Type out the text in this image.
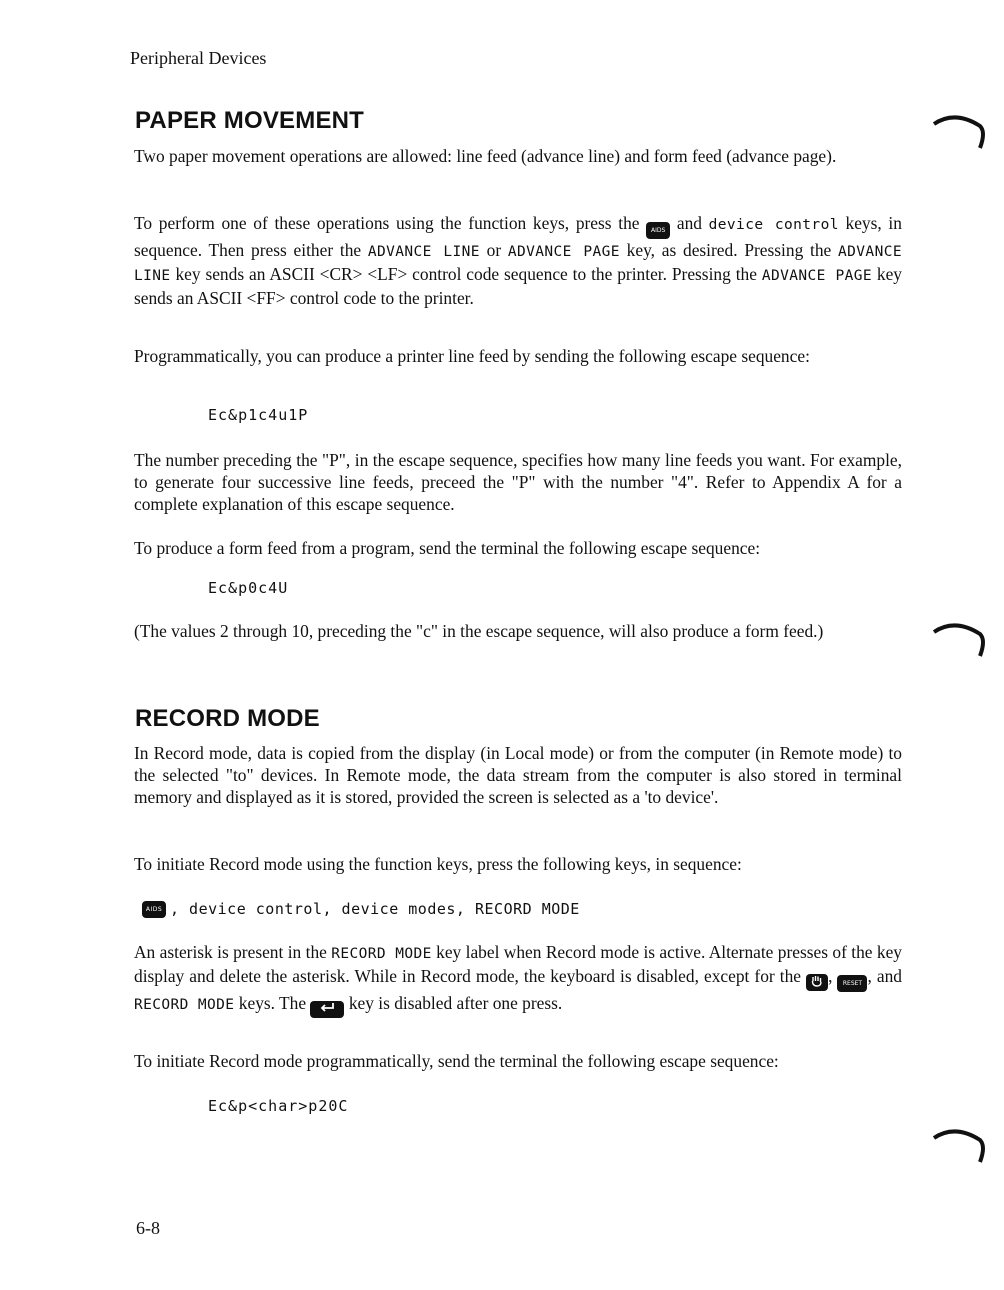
Peripheral Devices
PAPER MOVEMENT

Two paper movement operations are allowed: line feed (advance line) and form feed (advance page).

To perform one of these operations using the function keys, press the AIDS and device control keys, in sequence. Then press either the ADVANCE LINE or ADVANCE PAGE key, as desired. Pressing the ADVANCE LINE key sends an ASCII <CR> <LF> control code sequence to the printer. Pressing the ADVANCE PAGE key sends an ASCII <FF> control code to the printer.

Programmatically, you can produce a printer line feed by sending the following escape sequence:

Ec&p1c4u1P

The number preceding the "P", in the escape sequence, specifies how many line feeds you want. For example, to generate four successive line feeds, preceed the "P" with the number "4". Refer to Appendix A for a complete explanation of this escape sequence.

To produce a form feed from a program, send the terminal the following escape sequence:

Ec&p0c4U

(The values 2 through 10, preceding the "c" in the escape sequence, will also produce a form feed.)

RECORD MODE

In Record mode, data is copied from the display (in Local mode) or from the computer (in Remote mode) to the selected "to" devices. In Remote mode, the data stream from the computer is also stored in terminal memory and displayed as it is stored, provided the screen is selected as a 'to device'.

To initiate Record mode using the function keys, press the following keys, in sequence:

AIDS , device control, device modes, RECORD MODE

An asterisk is present in the RECORD MODE key label when Record mode is active. Alternate presses of the key display and delete the asterisk. While in Record mode, the keyboard is disabled, except for the , RESET , and RECORD MODE keys. The key is disabled after one press.

To initiate Record mode programmatically, send the terminal the following escape sequence:

Ec&p<char>p20C
6-8
